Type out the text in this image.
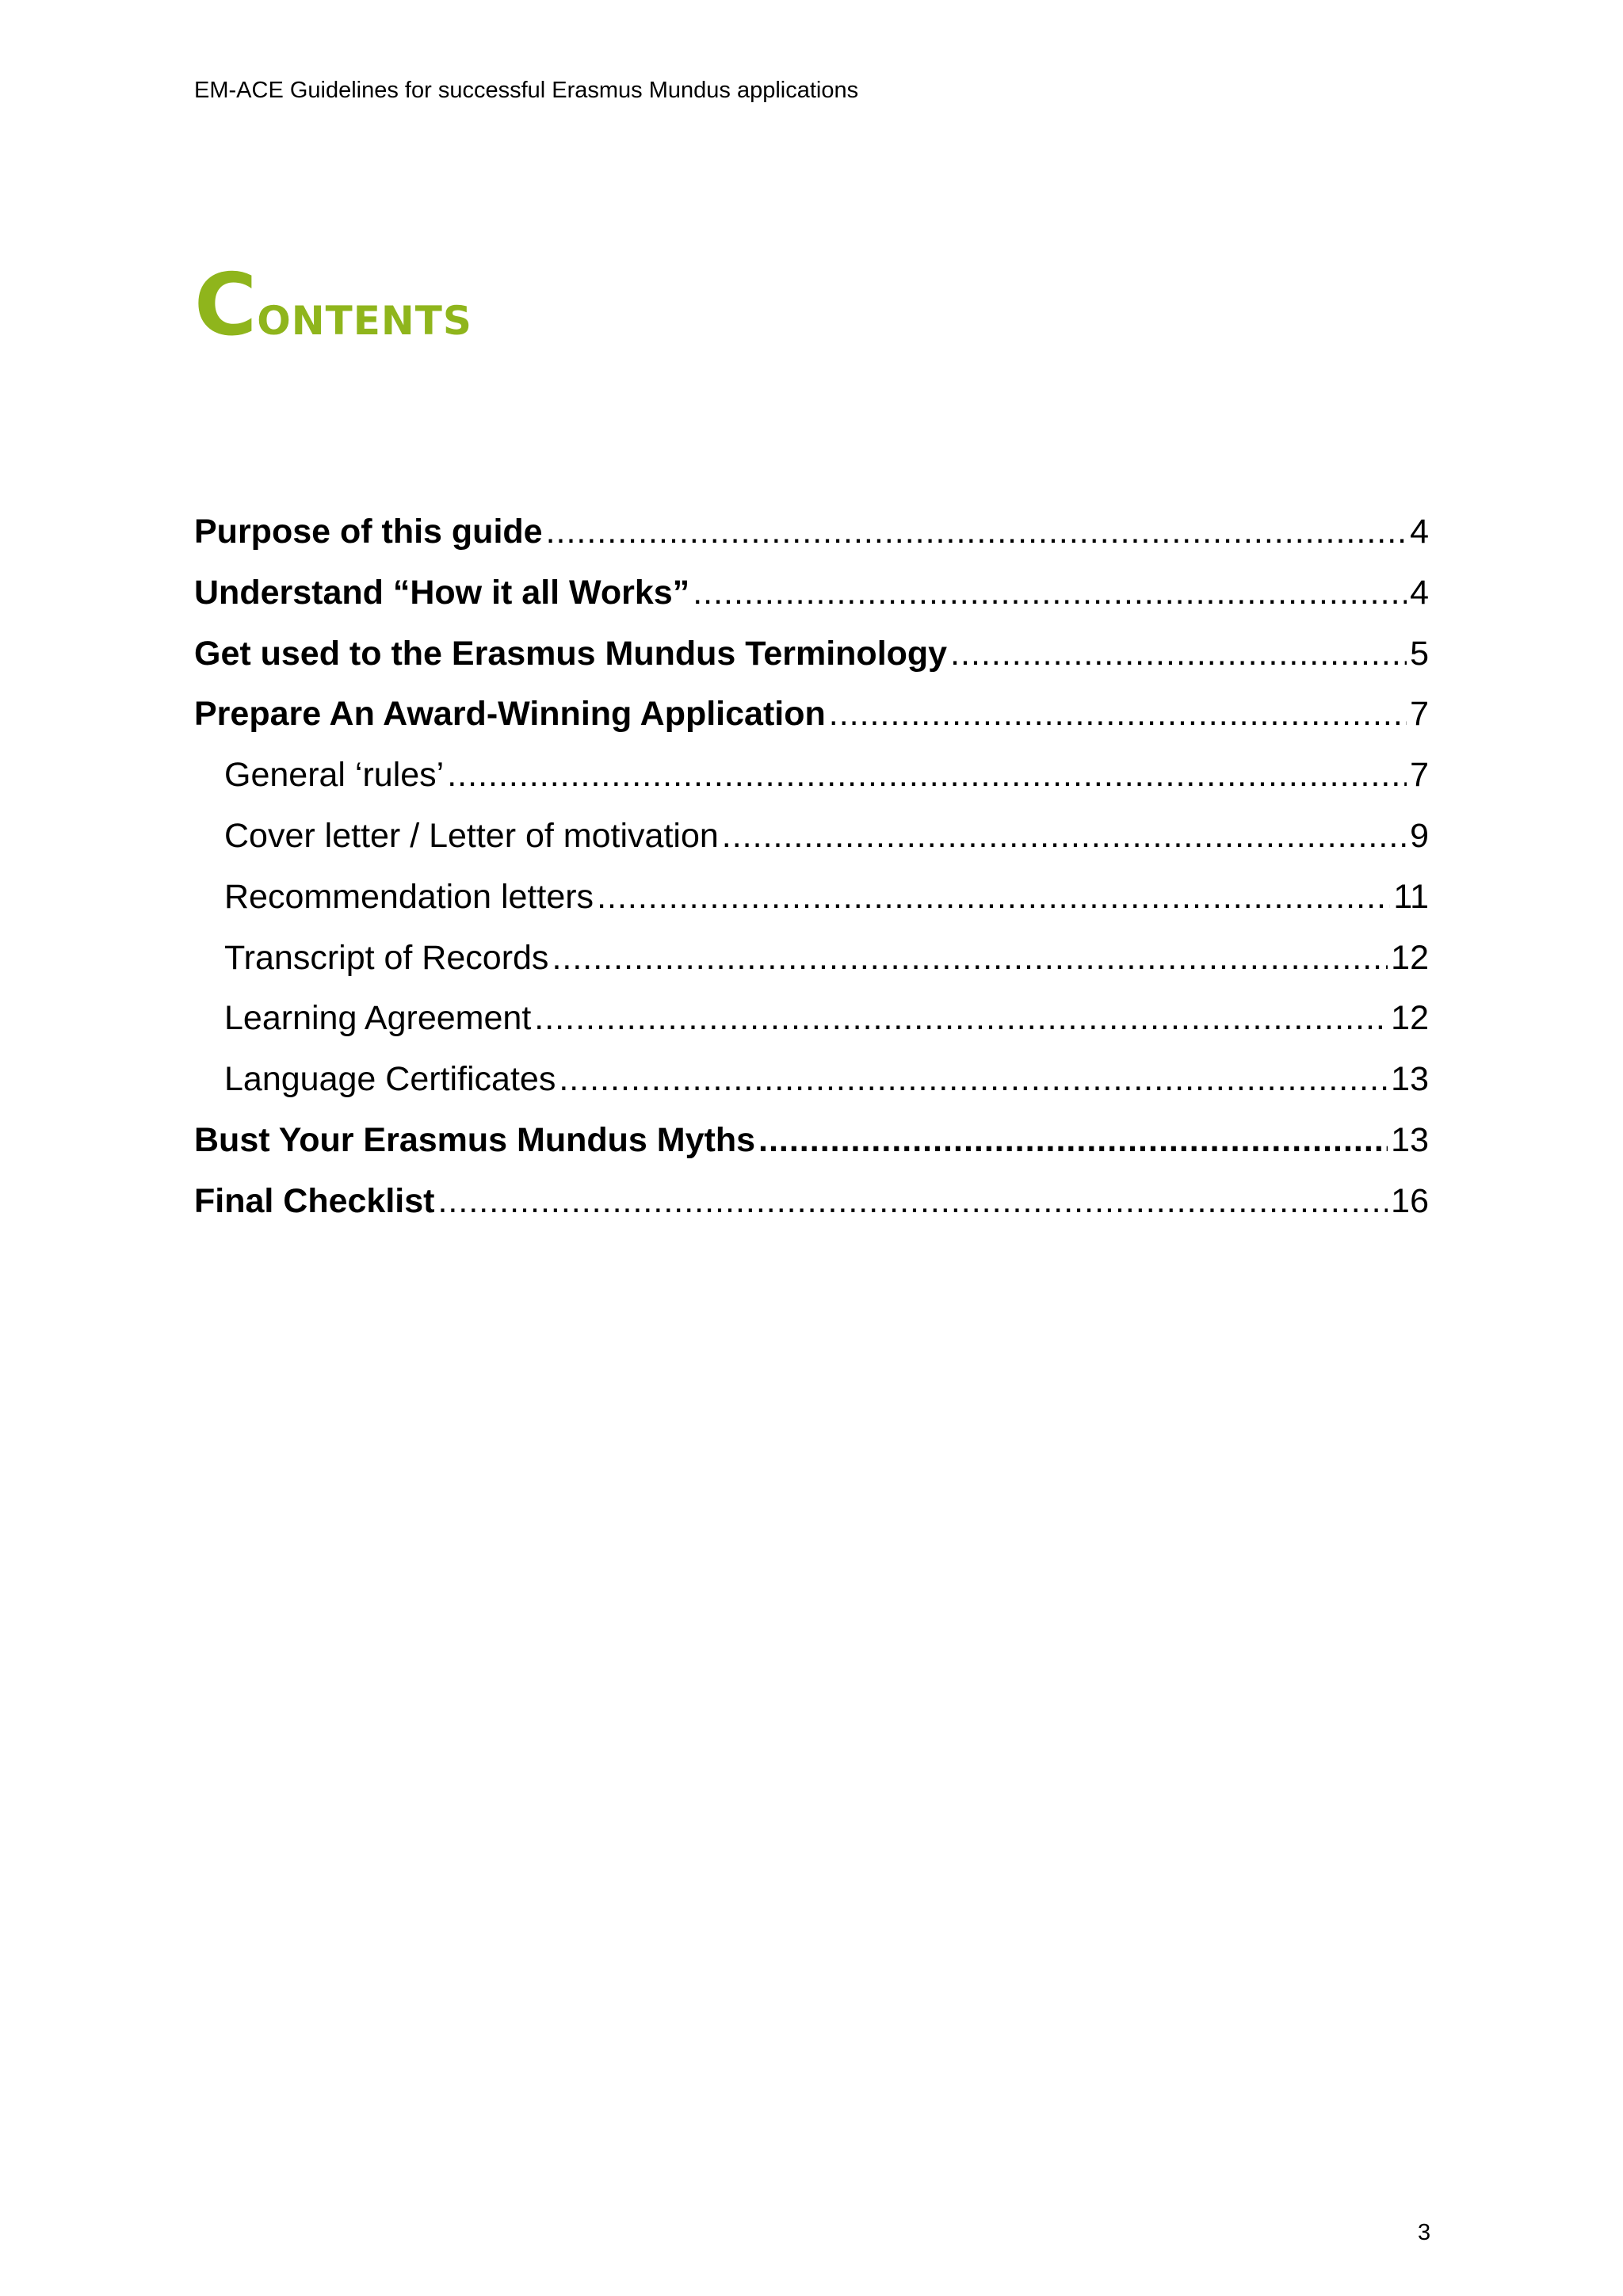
EM-ACE Guidelines for successful Erasmus Mundus applications
CONTENTS
Purpose of this guide .....	4
Understand “How it all Works” .....	4
Get used to the Erasmus Mundus Terminology .....	5
Prepare An Award-Winning Application .....	7
General ‘rules’ .....	7
Cover letter / Letter of motivation .....	9
Recommendation letters .....	11
Transcript of Records .....	12
Learning Agreement .....	12
Language Certificates .....	13
Bust Your Erasmus Mundus Myths .....	13
Final Checklist .....	16
3
